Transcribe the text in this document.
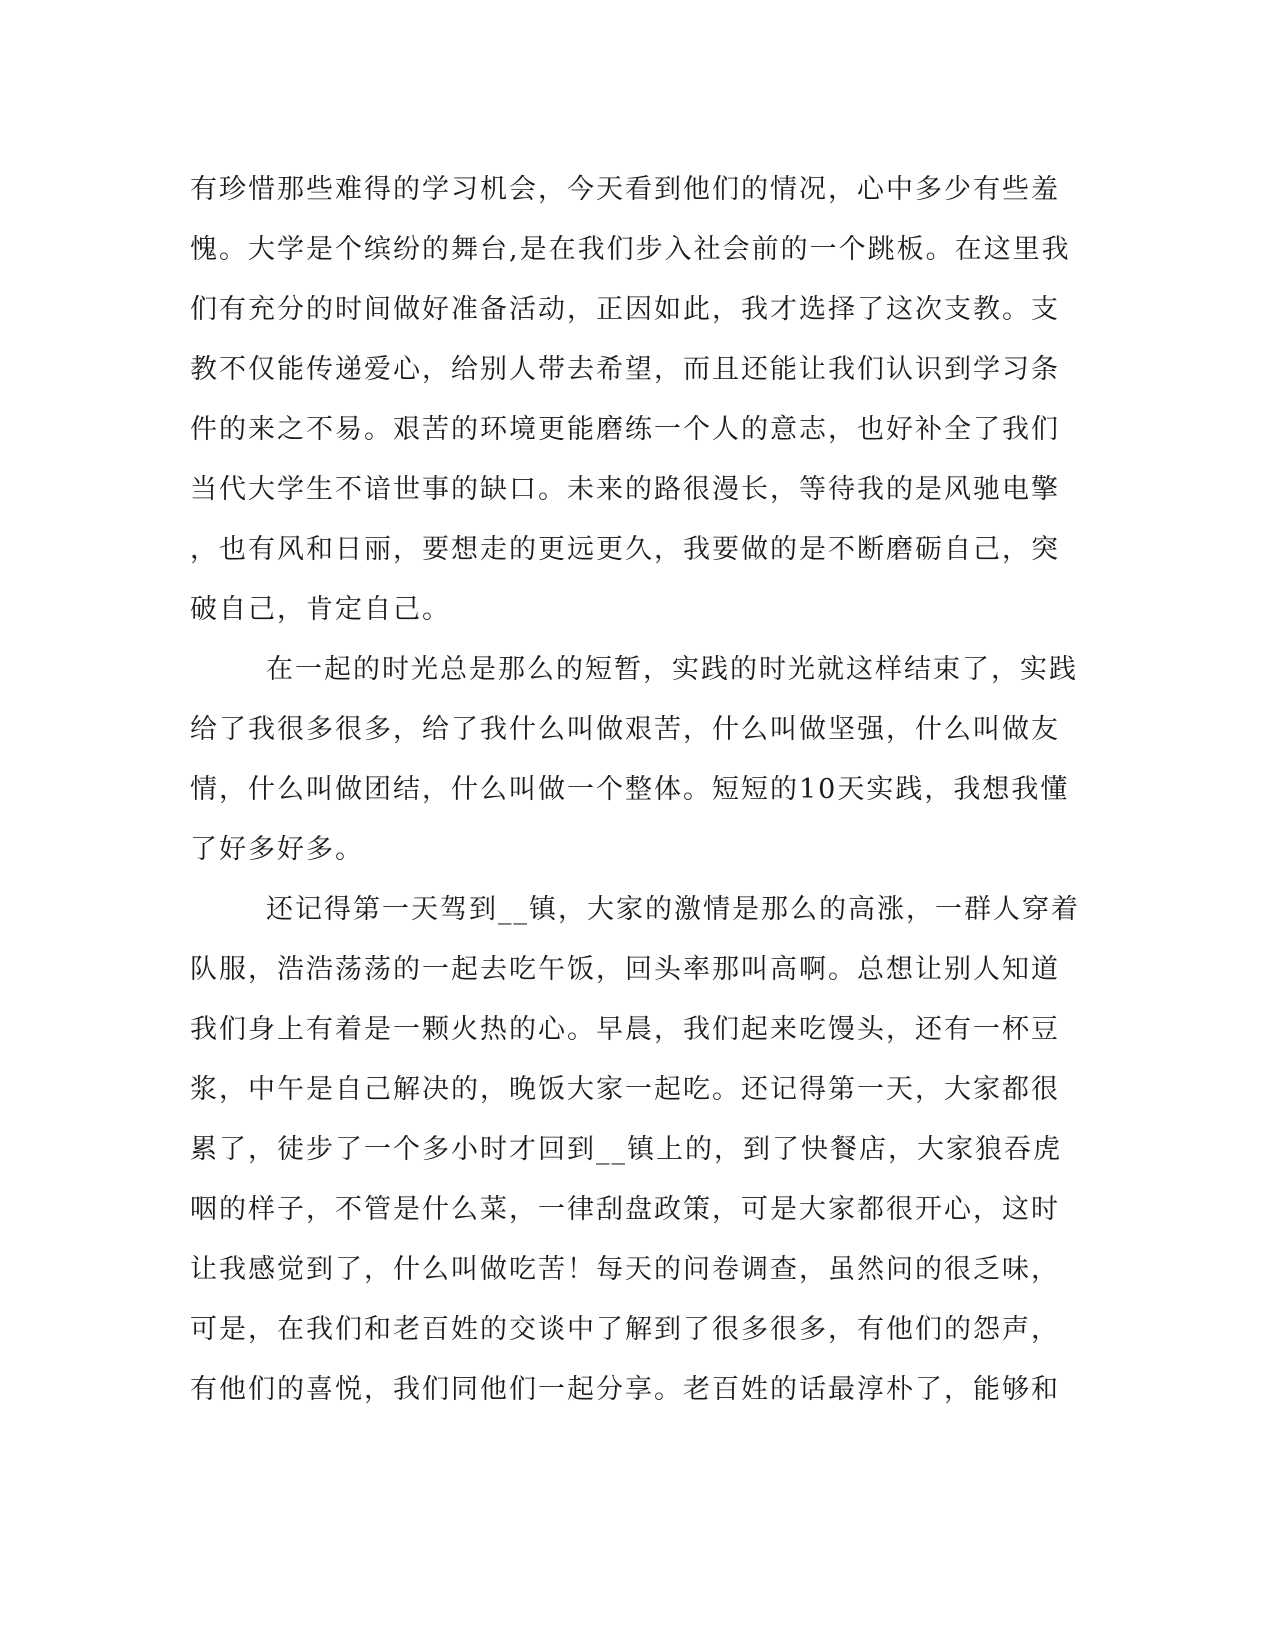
有珍惜那些难得的学习机会，今天看到他们的情况，心中多少有些羞
愧。大学是个缤纷的舞台,是在我们步入社会前的一个跳板。在这里我
们有充分的时间做好准备活动，正因如此，我才选择了这次支教。支
教不仅能传递爱心，给别人带去希望，而且还能让我们认识到学习条
件的来之不易。艰苦的环境更能磨练一个人的意志，也好补全了我们
当代大学生不谙世事的缺口。未来的路很漫长，等待我的是风驰电擎
，也有风和日丽，要想走的更远更久，我要做的是不断磨砺自己，突
破自己，肯定自己。
在一起的时光总是那么的短暂，实践的时光就这样结束了，实践
给了我很多很多，给了我什么叫做艰苦，什么叫做坚强，什么叫做友
情，什么叫做团结，什么叫做一个整体。短短的10天实践，我想我懂
了好多好多。
还记得第一天驾到__镇，大家的激情是那么的高涨，一群人穿着
队服，浩浩荡荡的一起去吃午饭，回头率那叫高啊。总想让别人知道
我们身上有着是一颗火热的心。早晨，我们起来吃馒头，还有一杯豆
浆，中午是自己解决的，晚饭大家一起吃。还记得第一天，大家都很
累了，徒步了一个多小时才回到__镇上的，到了快餐店，大家狼吞虎
咽的样子，不管是什么菜，一律刮盘政策，可是大家都很开心，这时
让我感觉到了，什么叫做吃苦！每天的问卷调查，虽然问的很乏味，
可是，在我们和老百姓的交谈中了解到了很多很多，有他们的怨声，
有他们的喜悦，我们同他们一起分享。老百姓的话最淳朴了，能够和
